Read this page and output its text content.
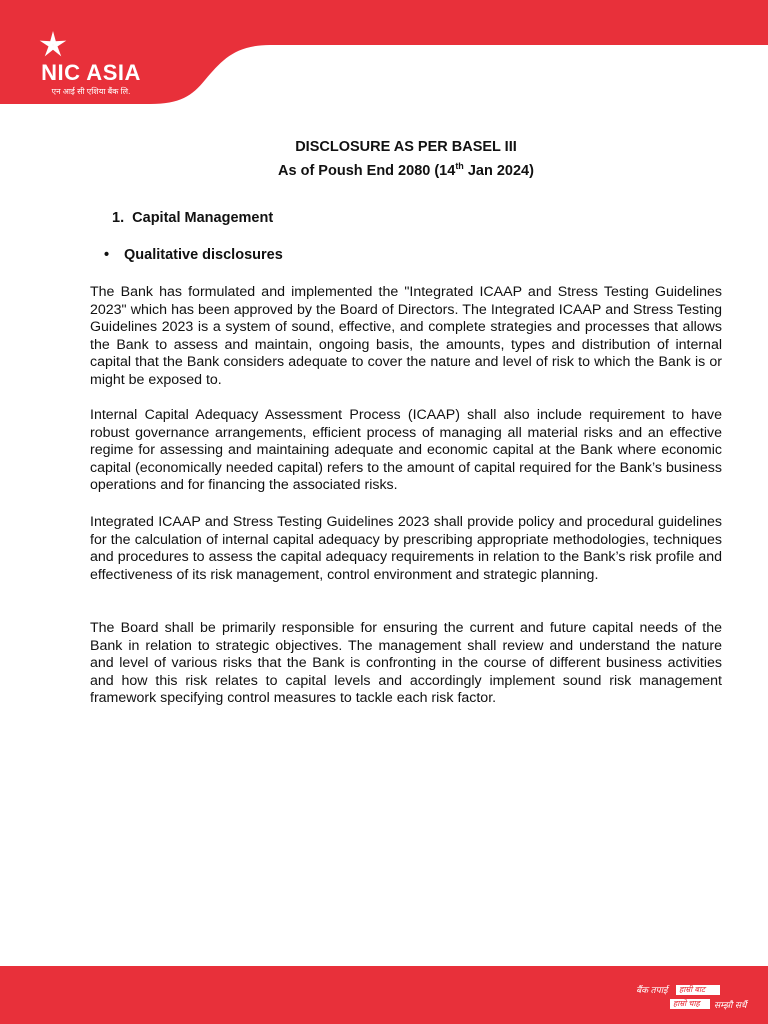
NIC ASIA
एन आई सी एशिया बैंक लि.
DISCLOSURE AS PER BASEL III
As of Poush End 2080 (14th Jan 2024)
1. Capital Management
• Qualitative disclosures
The Bank has formulated and implemented the "Integrated ICAAP and Stress Testing Guidelines 2023" which has been approved by the Board of Directors. The Integrated ICAAP and Stress Testing Guidelines 2023 is a system of sound, effective, and complete strategies and processes that allows the Bank to assess and maintain, ongoing basis, the amounts, types and distribution of internal capital that the Bank considers adequate to cover the nature and level of risk to which the Bank is or might be exposed to.
Internal Capital Adequacy Assessment Process (ICAAP) shall also include requirement to have robust governance arrangements, efficient process of managing all material risks and an effective regime for assessing and maintaining adequate and economic capital at the Bank where economic capital (economically needed capital) refers to the amount of capital required for the Bank’s business operations and for financing the associated risks.
Integrated ICAAP and Stress Testing Guidelines 2023 shall provide policy and procedural guidelines for the calculation of internal capital adequacy by prescribing appropriate methodologies, techniques and procedures to assess the capital adequacy requirements in relation to the Bank’s risk profile and effectiveness of its risk management, control environment and strategic planning.
The Board shall be primarily responsible for ensuring the current and future capital needs of the Bank in relation to strategic objectives. The management shall review and understand the nature and level of various risks that the Bank is confronting in the course of different business activities and how this risk relates to capital levels and accordingly implement sound risk management framework specifying control measures to tackle each risk factor.
बैंक तपाई	हाम्री बाट
हाम्रो चाह	सम्झौ सधैं
